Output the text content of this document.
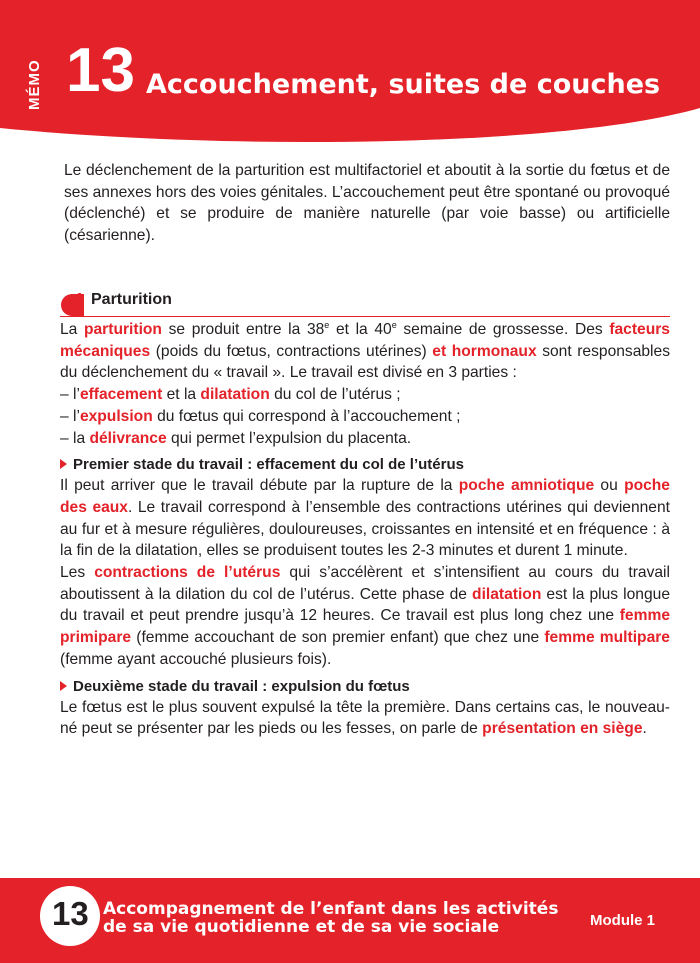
MÉMO 13 Accouchement, suites de couches
Le déclenchement de la parturition est multifactoriel et aboutit à la sortie du fœtus et de ses annexes hors des voies génitales. L’accouchement peut être spontané ou provoqué (déclenché) et se produire de manière naturelle (par voie basse) ou artificielle (césarienne).
1 Parturition
La parturition se produit entre la 38e et la 40e semaine de grossesse. Des facteurs mécaniques (poids du fœtus, contractions utérines) et hormonaux sont responsables du déclenchement du « travail ». Le travail est divisé en 3 parties :
– l’effacement et la dilatation du col de l’utérus ;
– l’expulsion du fœtus qui correspond à l’accouchement ;
– la délivrance qui permet l’expulsion du placenta.
Premier stade du travail : effacement du col de l’utérus
Il peut arriver que le travail débute par la rupture de la poche amniotique ou poche des eaux. Le travail correspond à l’ensemble des contractions utérines qui deviennent au fur et à mesure régulières, douloureuses, croissantes en intensité et en fréquence : à la fin de la dilatation, elles se produisent toutes les 2-3 minutes et durent 1 minute.
Les contractions de l’utérus qui s’accélèrent et s’intensifient au cours du travail aboutissent à la dilation du col de l’utérus. Cette phase de dilatation est la plus longue du travail et peut prendre jusqu’à 12 heures. Ce travail est plus long chez une femme primipare (femme accouchant de son premier enfant) que chez une femme multipare (femme ayant accouché plusieurs fois).
Deuxième stade du travail : expulsion du fœtus
Le fœtus est le plus souvent expulsé la tête la première. Dans certains cas, le nouveau-né peut se présenter par les pieds ou les fesses, on parle de présentation en siège.
13 Accompagnement de l’enfant dans les activités
de sa vie quotidienne et de sa vie sociale	Module 1
